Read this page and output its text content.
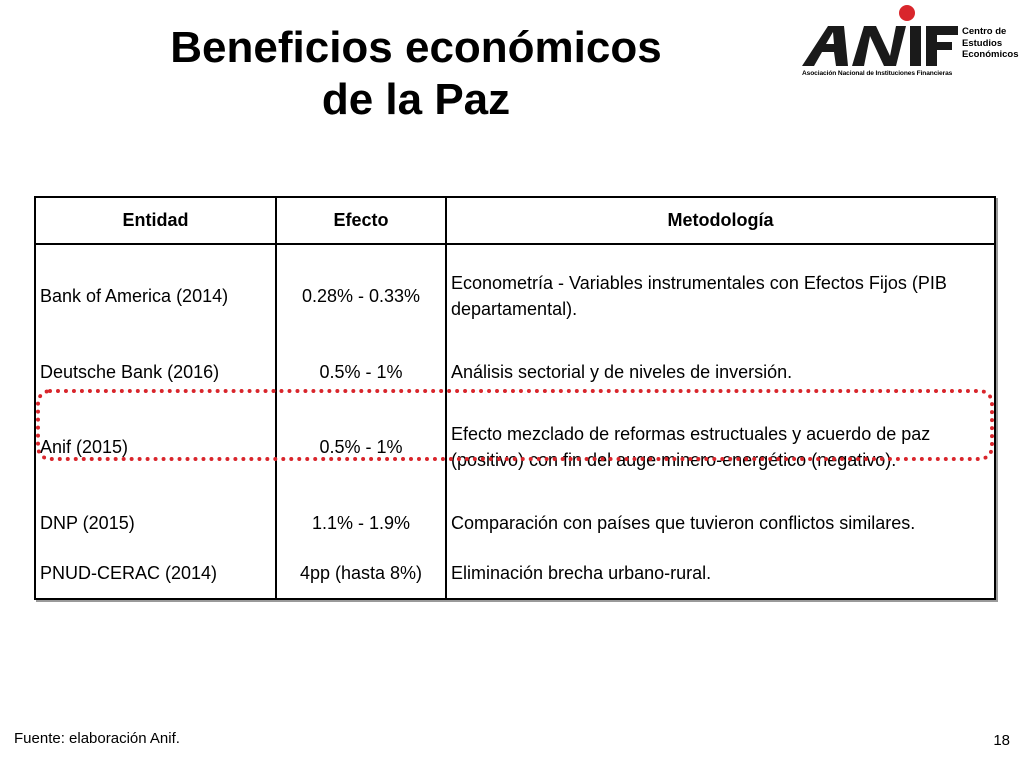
Beneficios económicos
de la Paz
Centro de
Estudios
Económicos
Asociación Nacional de Instituciones Financieras
Entidad	Efecto	Metodología
Bank of America (2014)	0.28% - 0.33%	Econometría - Variables instrumentales con Efectos Fijos (PIB departamental).
Deutsche Bank (2016)	0.5% - 1%	Análisis sectorial y de niveles de inversión.
Anif (2015)	0.5% - 1%	Efecto mezclado de reformas estructuales y acuerdo de paz (positivo) con fin del auge minero-energético (negativo).
DNP (2015)	1.1% - 1.9%	Comparación con países que tuvieron conflictos similares.
PNUD-CERAC (2014)	4pp (hasta 8%)	Eliminación brecha urbano-rural.
Fuente: elaboración Anif.	18
